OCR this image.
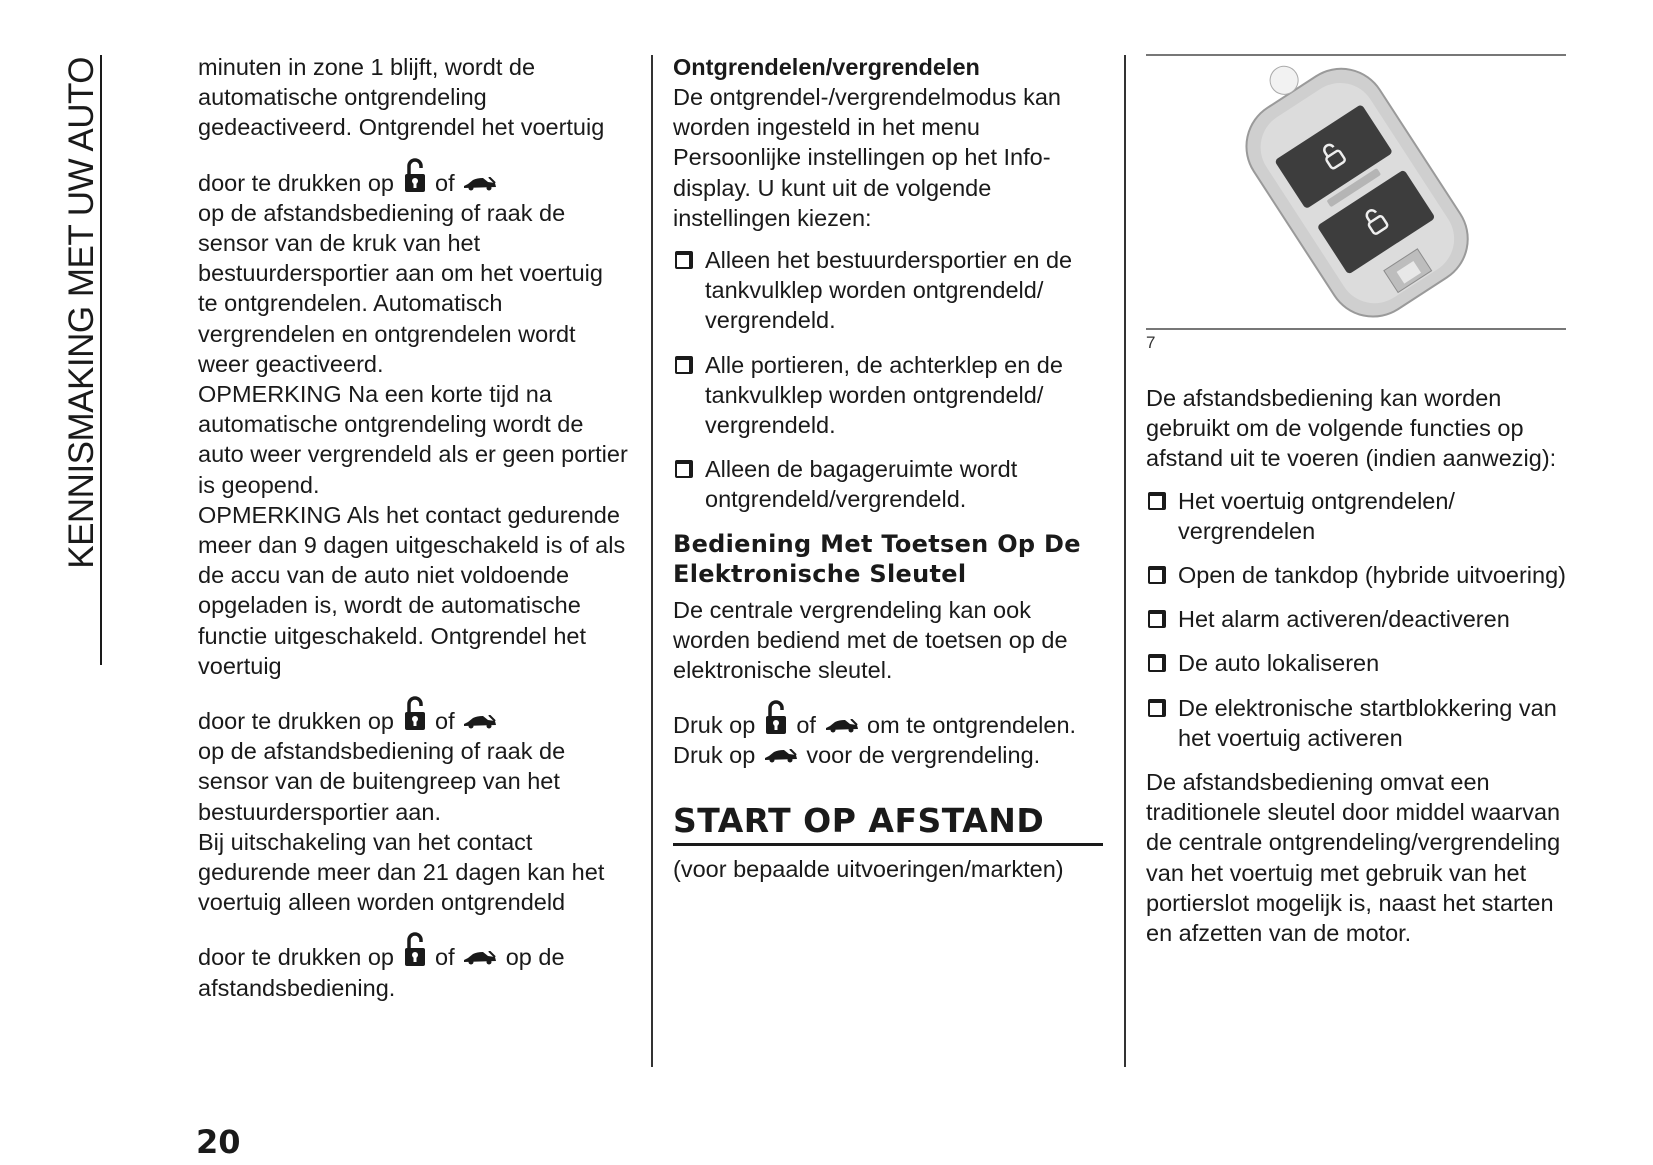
KENNISMAKING MET UW AUTO	minuten in zone 1 blijft, wordt de automatische ontgrendeling gedeactiveerd. Ontgrendel het voertuig

door te drukken op of

op de afstandsbediening of raak de sensor van de kruk van het bestuurdersportier aan om het voertuig te ontgrendelen. Automatisch vergrendelen en ontgrendelen wordt weer geactiveerd.

OPMERKING Na een korte tijd na automatische ontgrendeling wordt de auto weer vergrendeld als er geen portier is geopend.

OPMERKING Als het contact gedurende meer dan 9 dagen uitgeschakeld is of als de accu van de auto niet voldoende opgeladen is, wordt de automatische functie uitgeschakeld. Ontgrendel het voertuig

door te drukken op of

op de afstandsbediening of raak de sensor van de buitengreep van het bestuurdersportier aan.

Bij uitschakeling van het contact gedurende meer dan 21 dagen kan het voertuig alleen worden ontgrendeld

door te drukken op of op de

afstandsbediening.

Ontgrendelen/vergrendelen

De ontgrendel-/vergrendelmodus kan worden ingesteld in het menu Persoonlijke instellingen op het Info-display. U kunt uit de volgende instellingen kiezen:

Alleen het bestuurdersportier en de tankvulklep worden ontgrendeld/ vergrendeld.
Alle portieren, de achterklep en de tankvulklep worden ontgrendeld/ vergrendeld.
Alleen de bagageruimte wordt ontgrendeld/vergrendeld.

Bediening Met Toetsen Op De Elektronische Sleutel

De centrale vergrendeling kan ook worden bediend met de toetsen op de elektronische sleutel.

Druk op of om te ontgrendelen.

Druk op voor de vergrendeling.

START OP AFSTAND

(voor bepaalde uitvoeringen/markten)

7

De afstandsbediening kan worden gebruikt om de volgende functies op afstand uit te voeren (indien aanwezig):

Het voertuig ontgrendelen/ vergrendelen
Open de tankdop (hybride uitvoering)
Het alarm activeren/deactiveren
De auto lokaliseren
De elektronische startblokkering van het voertuig activeren

De afstandsbediening omvat een traditionele sleutel door middel waarvan de centrale ontgrendeling/vergrendeling van het voertuig met gebruik van het portierslot mogelijk is, naast het starten en afzetten van de motor.

20
